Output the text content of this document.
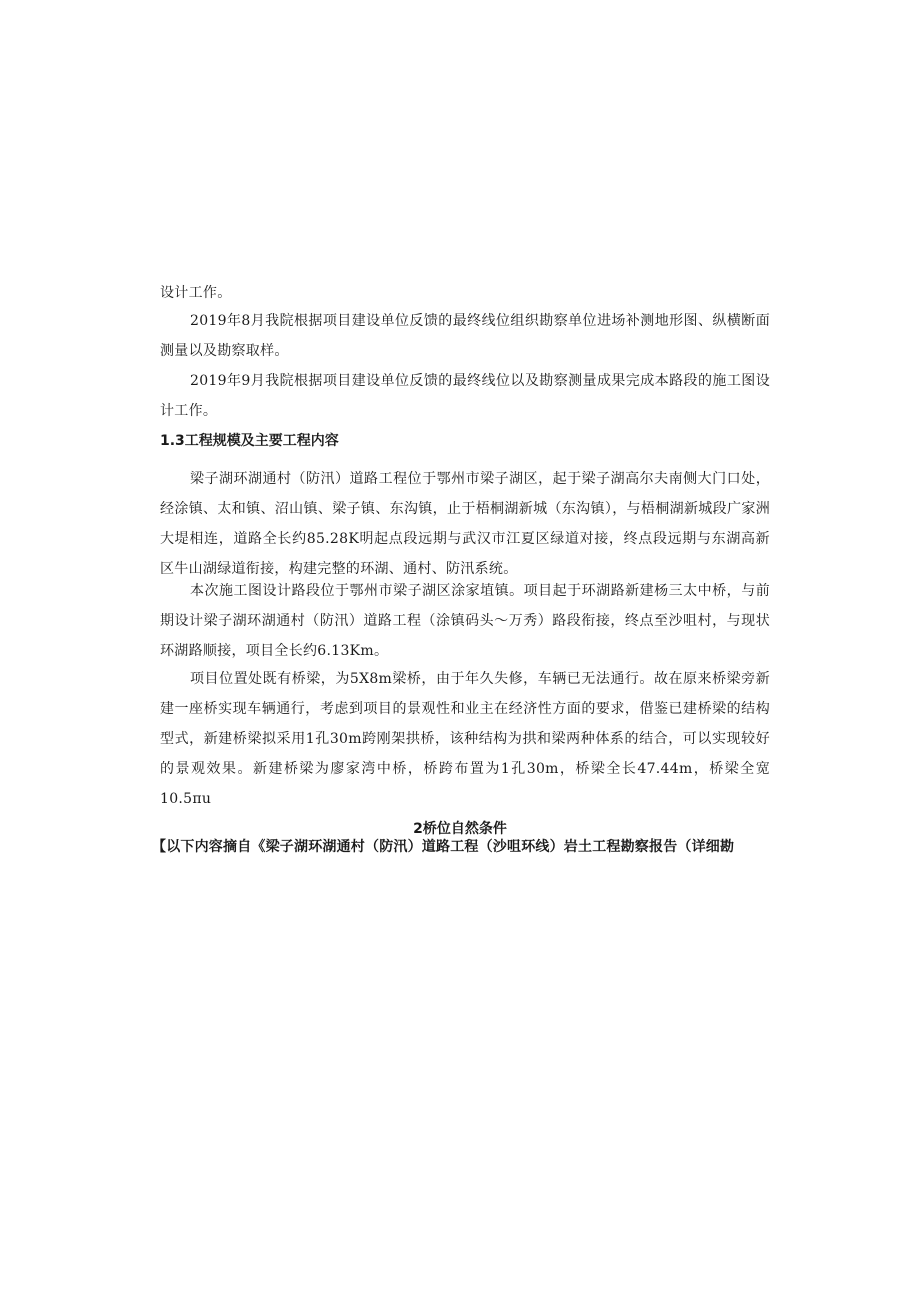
设计工作。

2019年8月我院根据项目建设单位反馈的最终线位组织勘察单位进场补测地形图、纵横断面测量以及勘察取样。

2019年9月我院根据项目建设单位反馈的最终线位以及勘察测量成果完成本路段的施工图设计工作。

1.3工程规模及主要工程内容

梁子湖环湖通村（防汛）道路工程位于鄂州市梁子湖区，起于梁子湖高尔夫南侧大门口处，经涂镇、太和镇、沼山镇、梁子镇、东沟镇，止于梧桐湖新城（东沟镇），与梧桐湖新城段广家洲大堤相连，道路全长约85.28K明起点段远期与武汉市江夏区绿道对接，终点段远期与东湖高新区牛山湖绿道衔接，构建完整的环湖、通村、防汛系统。

本次施工图设计路段位于鄂州市梁子湖区涂家埴镇。项目起于环湖路新建杨三太中桥，与前期设计梁子湖环湖通村（防汛）道路工程（涂镇码头～万秀）路段衔接，终点至沙咀村，与现状环湖路顺接，项目全长约6.13Km。

项目位置处既有桥梁，为5X8m梁桥，由于年久失修，车辆已无法通行。故在原来桥梁旁新建一座桥实现车辆通行，考虑到项目的景观性和业主在经济性方面的要求，借鉴已建桥梁的结构型式，新建桥梁拟采用1孔30m跨刚架拱桥，该种结构为拱和梁两种体系的结合，可以实现较好的景观效果。新建桥梁为廖家湾中桥，桥跨布置为1孔30m，桥梁全长47.44m，桥梁全宽10.5πu

2桥位自然条件

【以下内容摘自《梁子湖环湖通村（防汛）道路工程（沙咀环线）岩土工程勘察报告（详细勘
